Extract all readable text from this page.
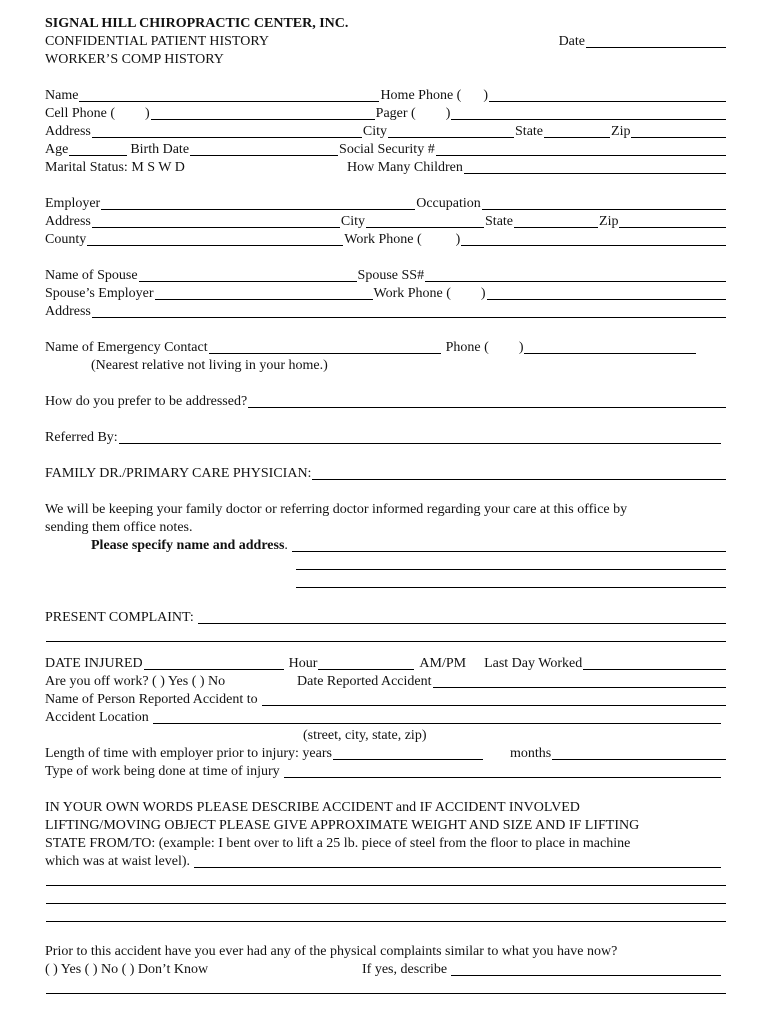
SIGNAL HILL CHIROPRACTIC CENTER, INC.
CONFIDENTIAL PATIENT HISTORY	Date
WORKER’S COMP HISTORY
Name	Home Phone ( )
Cell Phone ( )	Pager ( )
Address	City	State	Zip
Age	Birth Date	Social Security #
Marital Status: M S W D	How Many Children
Employer	Occupation
Address	City	State	Zip
County	Work Phone ( )
Name of Spouse	Spouse SS#
Spouse’s Employer	Work Phone ( )
Address
Name of Emergency Contact	Phone ( )
(Nearest relative not living in your home.)
How do you prefer to be addressed?
Referred By:
FAMILY DR./PRIMARY CARE PHYSICIAN:
We will be keeping your family doctor or referring doctor informed regarding your care at this office by
sending them office notes.
Please specify name and address .
PRESENT COMPLAINT:
DATE INJURED	Hour	AM/PM	Last Day Worked
Are you off work? ( ) Yes ( ) No	Date Reported Accident
Name of Person Reported Accident to
Accident Location
(street, city, state, zip)
Length of time with employer prior to injury: years	months
Type of work being done at time of injury
IN YOUR OWN WORDS PLEASE DESCRIBE ACCIDENT and IF ACCIDENT INVOLVED
LIFTING/MOVING OBJECT PLEASE GIVE APPROXIMATE WEIGHT AND SIZE AND IF LIFTING
STATE FROM/TO: (example: I bent over to lift a 25 lb. piece of steel from the floor to place in machine
which was at waist level).
Prior to this accident have you ever had any of the physical complaints similar to what you have now?
( ) Yes ( ) No ( ) Don’t Know	If yes, describe
